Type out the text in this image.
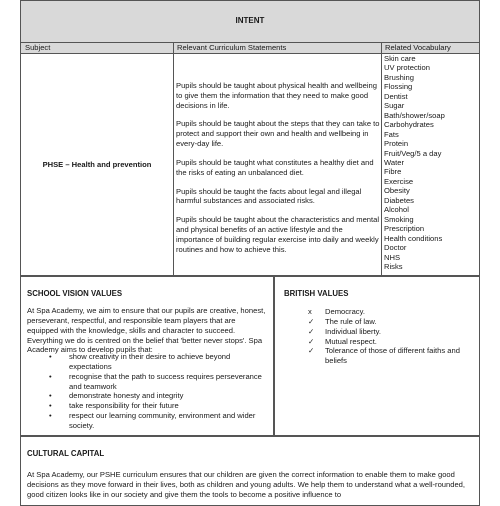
INTENT
Subject	Relevant Curriculum Statements	Related Vocabulary
PHSE – Health and prevention

Pupils should be taught about physical health and wellbeing to give them the information that they need to make good decisions in life.

Pupils should be taught about the steps that they can take to protect and support their own and health and wellbeing in every-day life.

Pupils should be taught what constitutes a healthy diet and the risks of eating an unbalanced diet.

Pupils should be taught the facts about legal and illegal harmful substances and associated risks.

Pupils should be taught about the characteristics and mental and physical benefits of an active lifestyle and the importance of building regular exercise into daily and weekly routines and how to achieve this.

Skin care
UV protection
Brushing
Flossing
Dentist
Sugar
Bath/shower/soap
Carbohydrates
Fats
Protein
Fruit/Veg/5 a day
Water
Fibre
Exercise
Obesity
Diabetes
Alcohol
Smoking
Prescription
Health conditions
Doctor
NHS
Risks
SCHOOL VISION VALUES

At Spa Academy, we aim to ensure that our pupils are creative, honest, perseverant, respectful, and responsible team players that are equipped with the knowledge, skills and character to succeed. Everything we do is centred on the belief that 'better never stops'. Spa Academy aims to develop pupils that:

• show creativity in their desire to achieve beyond expectations
• recognise that the path to success requires perseverance and teamwork
• demonstrate honesty and integrity
• take responsibility for their future
• respect our learning community, environment and wider society.
BRITISH VALUES
x Democracy.
✓ The rule of law.
✓ Individual liberty.
✓ Mutual respect.
✓ Tolerance of those of different faiths and beliefs
CULTURAL CAPITAL

At Spa Academy, our PSHE curriculum ensures that our children are given the correct information to enable them to make good decisions as they move forward in their lives, both as children and young adults. We help them to understand what a well-rounded, good citizen looks like in our society and give them the tools to become a positive influence to
